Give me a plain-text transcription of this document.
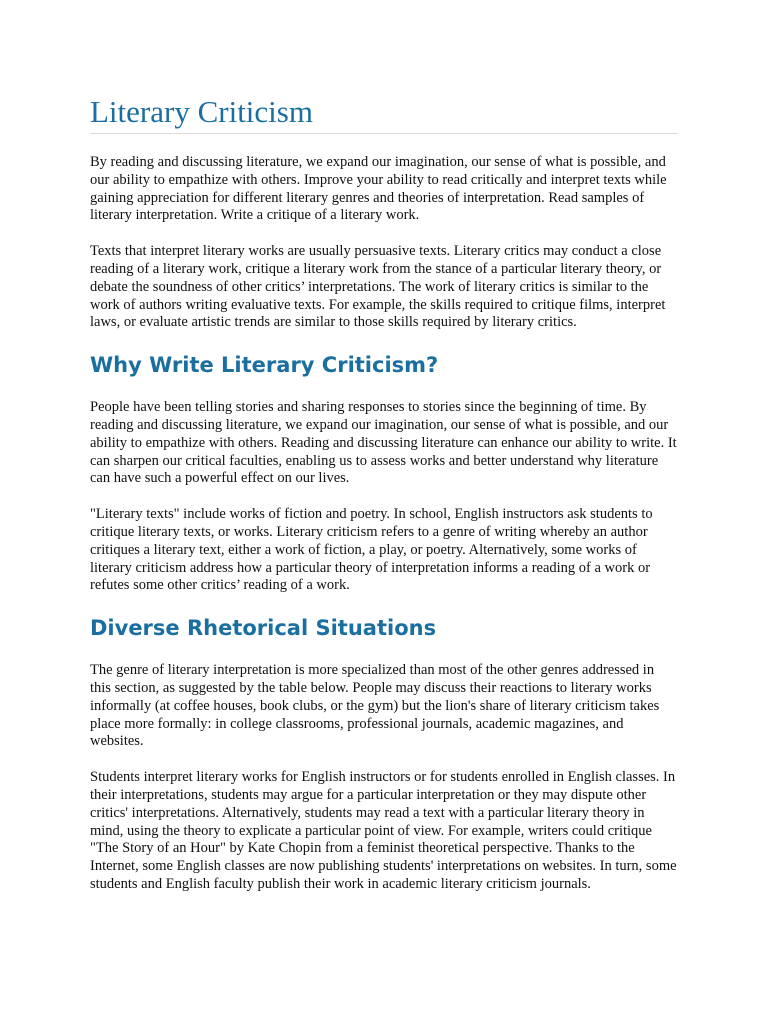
Literary Criticism

By reading and discussing literature, we expand our imagination, our sense of what is possible, and our ability to empathize with others. Improve your ability to read critically and interpret texts while gaining appreciation for different literary genres and theories of interpretation. Read samples of literary interpretation. Write a critique of a literary work.

Texts that interpret literary works are usually persuasive texts. Literary critics may conduct a close reading of a literary work, critique a literary work from the stance of a particular literary theory, or debate the soundness of other critics’ interpretations. The work of literary critics is similar to the work of authors writing evaluative texts. For example, the skills required to critique films, interpret laws, or evaluate artistic trends are similar to those skills required by literary critics.

Why Write Literary Criticism?

People have been telling stories and sharing responses to stories since the beginning of time. By reading and discussing literature, we expand our imagination, our sense of what is possible, and our ability to empathize with others. Reading and discussing literature can enhance our ability to write. It can sharpen our critical faculties, enabling us to assess works and better understand why literature can have such a powerful effect on our lives.

"Literary texts" include works of fiction and poetry. In school, English instructors ask students to critique literary texts, or works. Literary criticism refers to a genre of writing whereby an author critiques a literary text, either a work of fiction, a play, or poetry. Alternatively, some works of literary criticism address how a particular theory of interpretation informs a reading of a work or refutes some other critics’ reading of a work.

Diverse Rhetorical Situations

The genre of literary interpretation is more specialized than most of the other genres addressed in this section, as suggested by the table below. People may discuss their reactions to literary works informally (at coffee houses, book clubs, or the gym) but the lion's share of literary criticism takes place more formally: in college classrooms, professional journals, academic magazines, and websites.

Students interpret literary works for English instructors or for students enrolled in English classes. In their interpretations, students may argue for a particular interpretation or they may dispute other critics' interpretations. Alternatively, students may read a text with a particular literary theory in mind, using the theory to explicate a particular point of view. For example, writers could critique "The Story of an Hour" by Kate Chopin from a feminist theoretical perspective. Thanks to the Internet, some English classes are now publishing students' interpretations on websites. In turn, some students and English faculty publish their work in academic literary criticism journals.
